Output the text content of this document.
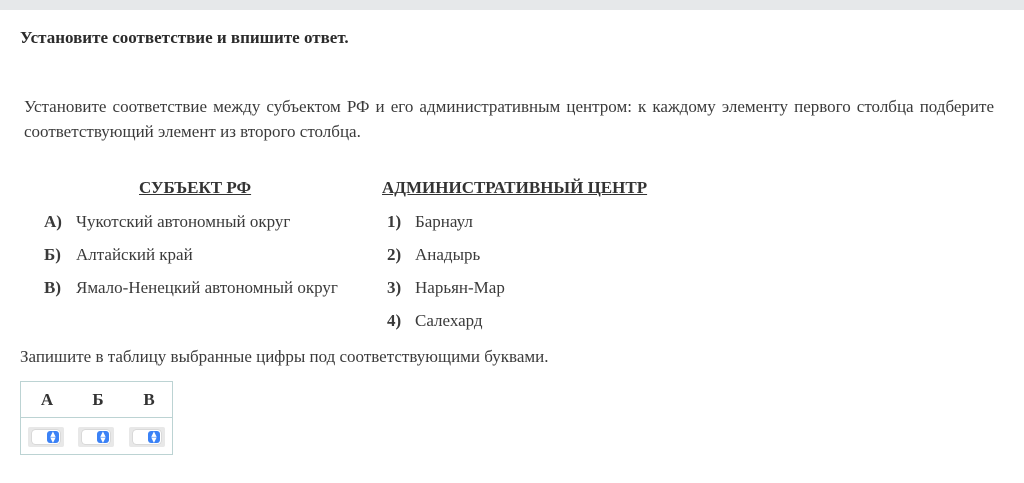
Установите соответствие и впишите ответ.
Установите соответствие между субъектом РФ и его административным центром: к каждому элементу первого столбца подберите соответствующий элемент из второго столбца.
СУБЪЕКТ РФ	АДМИНИСТРАТИВНЫЙ ЦЕНТР
А) Чукотский автономный округ
Б) Алтайский край
В) Ямало-Ненецкий автономный округ
1) Барнаул
2) Анадырь
3) Нарьян-Мар
4) Салехард
Запишите в таблицу выбранные цифры под соответствующими буквами.
А Б В
▲
▼
▲
▼
▲
▼
